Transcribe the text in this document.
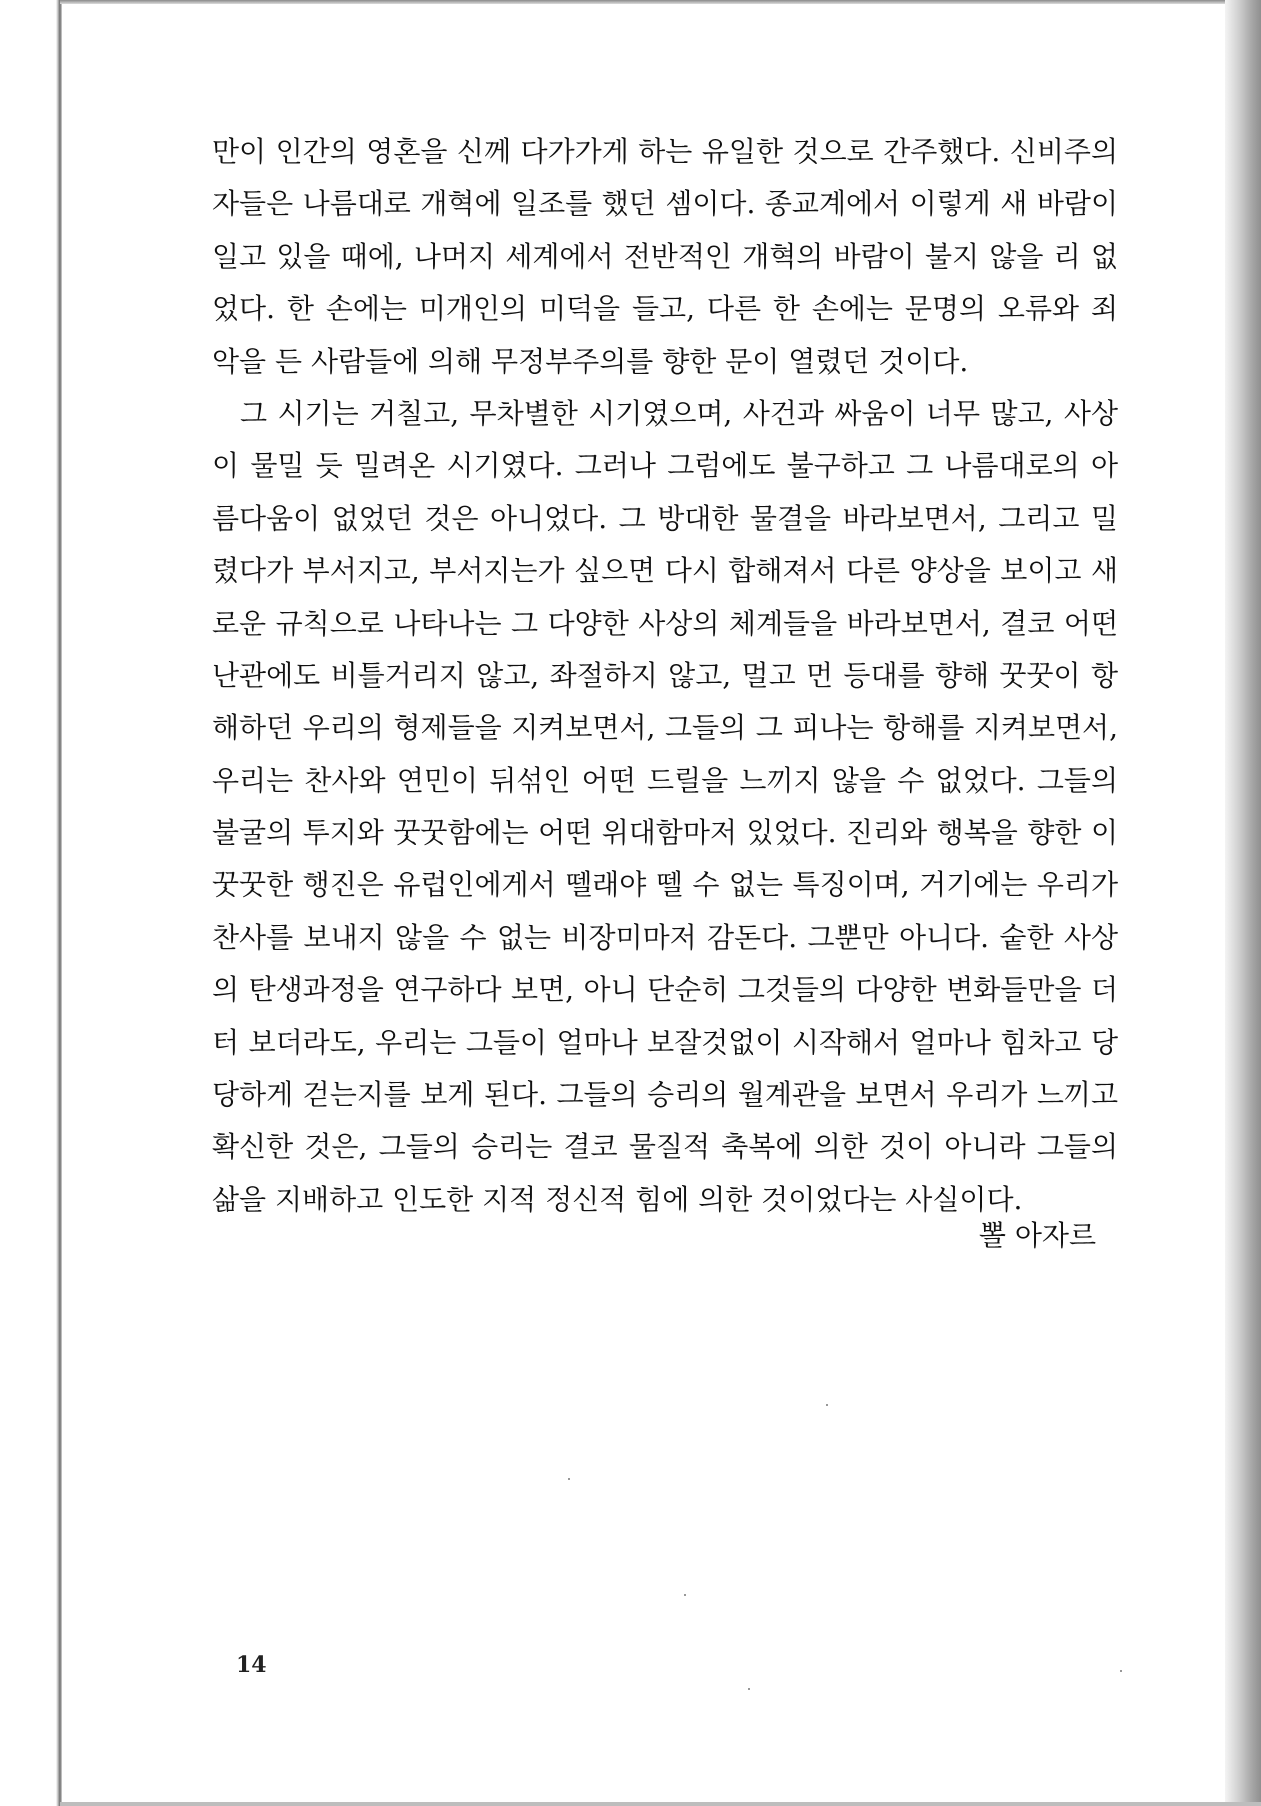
만이 인간의 영혼을 신께 다가가게 하는 유일한 것으로 간주했다. 신비주의
자들은 나름대로 개혁에 일조를 했던 셈이다. 종교계에서 이렇게 새 바람이
일고 있을 때에, 나머지 세계에서 전반적인 개혁의 바람이 불지 않을 리 없
었다. 한 손에는 미개인의 미덕을 들고, 다른 한 손에는 문명의 오류와 죄
악을 든 사람들에 의해 무정부주의를 향한 문이 열렸던 것이다.
그 시기는 거칠고, 무차별한 시기였으며, 사건과 싸움이 너무 많고, 사상
이 물밀 듯 밀려온 시기였다. 그러나 그럼에도 불구하고 그 나름대로의 아
름다움이 없었던 것은 아니었다. 그 방대한 물결을 바라보면서, 그리고 밀
렸다가 부서지고, 부서지는가 싶으면 다시 합해져서 다른 양상을 보이고 새
로운 규칙으로 나타나는 그 다양한 사상의 체계들을 바라보면서, 결코 어떤
난관에도 비틀거리지 않고, 좌절하지 않고, 멀고 먼 등대를 향해 꿋꿋이 항
해하던 우리의 형제들을 지켜보면서, 그들의 그 피나는 항해를 지켜보면서,
우리는 찬사와 연민이 뒤섞인 어떤 드릴을 느끼지 않을 수 없었다. 그들의
불굴의 투지와 꿋꿋함에는 어떤 위대함마저 있었다. 진리와 행복을 향한 이
꿋꿋한 행진은 유럽인에게서 뗄래야 뗄 수 없는 특징이며, 거기에는 우리가
찬사를 보내지 않을 수 없는 비장미마저 감돈다. 그뿐만 아니다. 숱한 사상
의 탄생과정을 연구하다 보면, 아니 단순히 그것들의 다양한 변화들만을 더
터 보더라도, 우리는 그들이 얼마나 보잘것없이 시작해서 얼마나 힘차고 당
당하게 걷는지를 보게 된다. 그들의 승리의 월계관을 보면서 우리가 느끼고
확신한 것은, 그들의 승리는 결코 물질적 축복에 의한 것이 아니라 그들의
삶을 지배하고 인도한 지적 정신적 힘에 의한 것이었다는 사실이다.
뽈 아자르
14
